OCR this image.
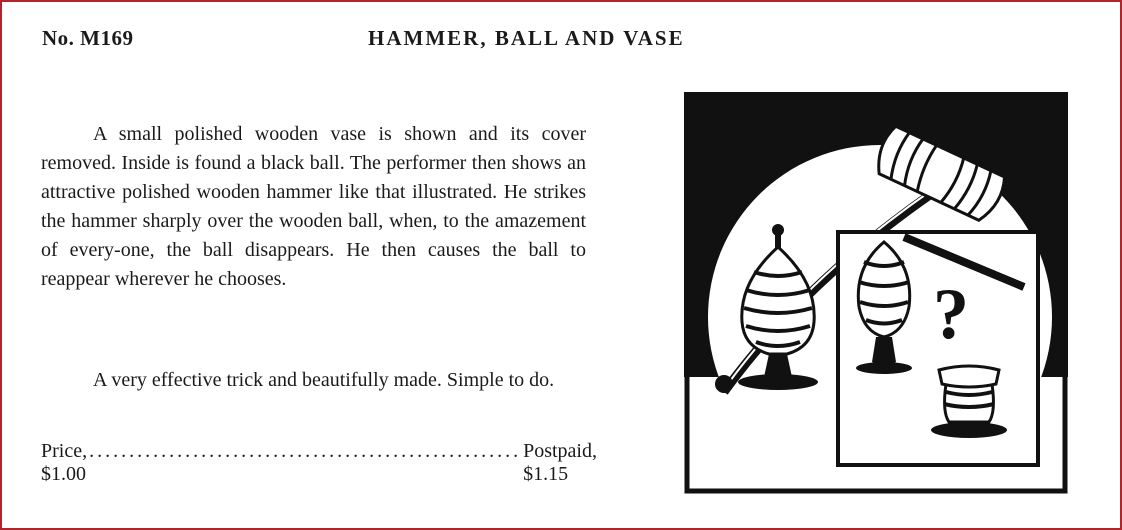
No. M169	HAMMER, BALL AND VASE

A small polished wooden vase is shown and its cover removed. Inside is found a black ball. The performer then shows an attractive polished wooden hammer like that illustrated. He strikes the hammer sharply over the wooden ball, when, to the amazement of every-one, the ball disappears. He then causes the ball to reappear wherever he chooses.

A very effective trick and beautifully made. Simple to do.

Price, $1.00
...................................................... Postpaid, $1.15
?
